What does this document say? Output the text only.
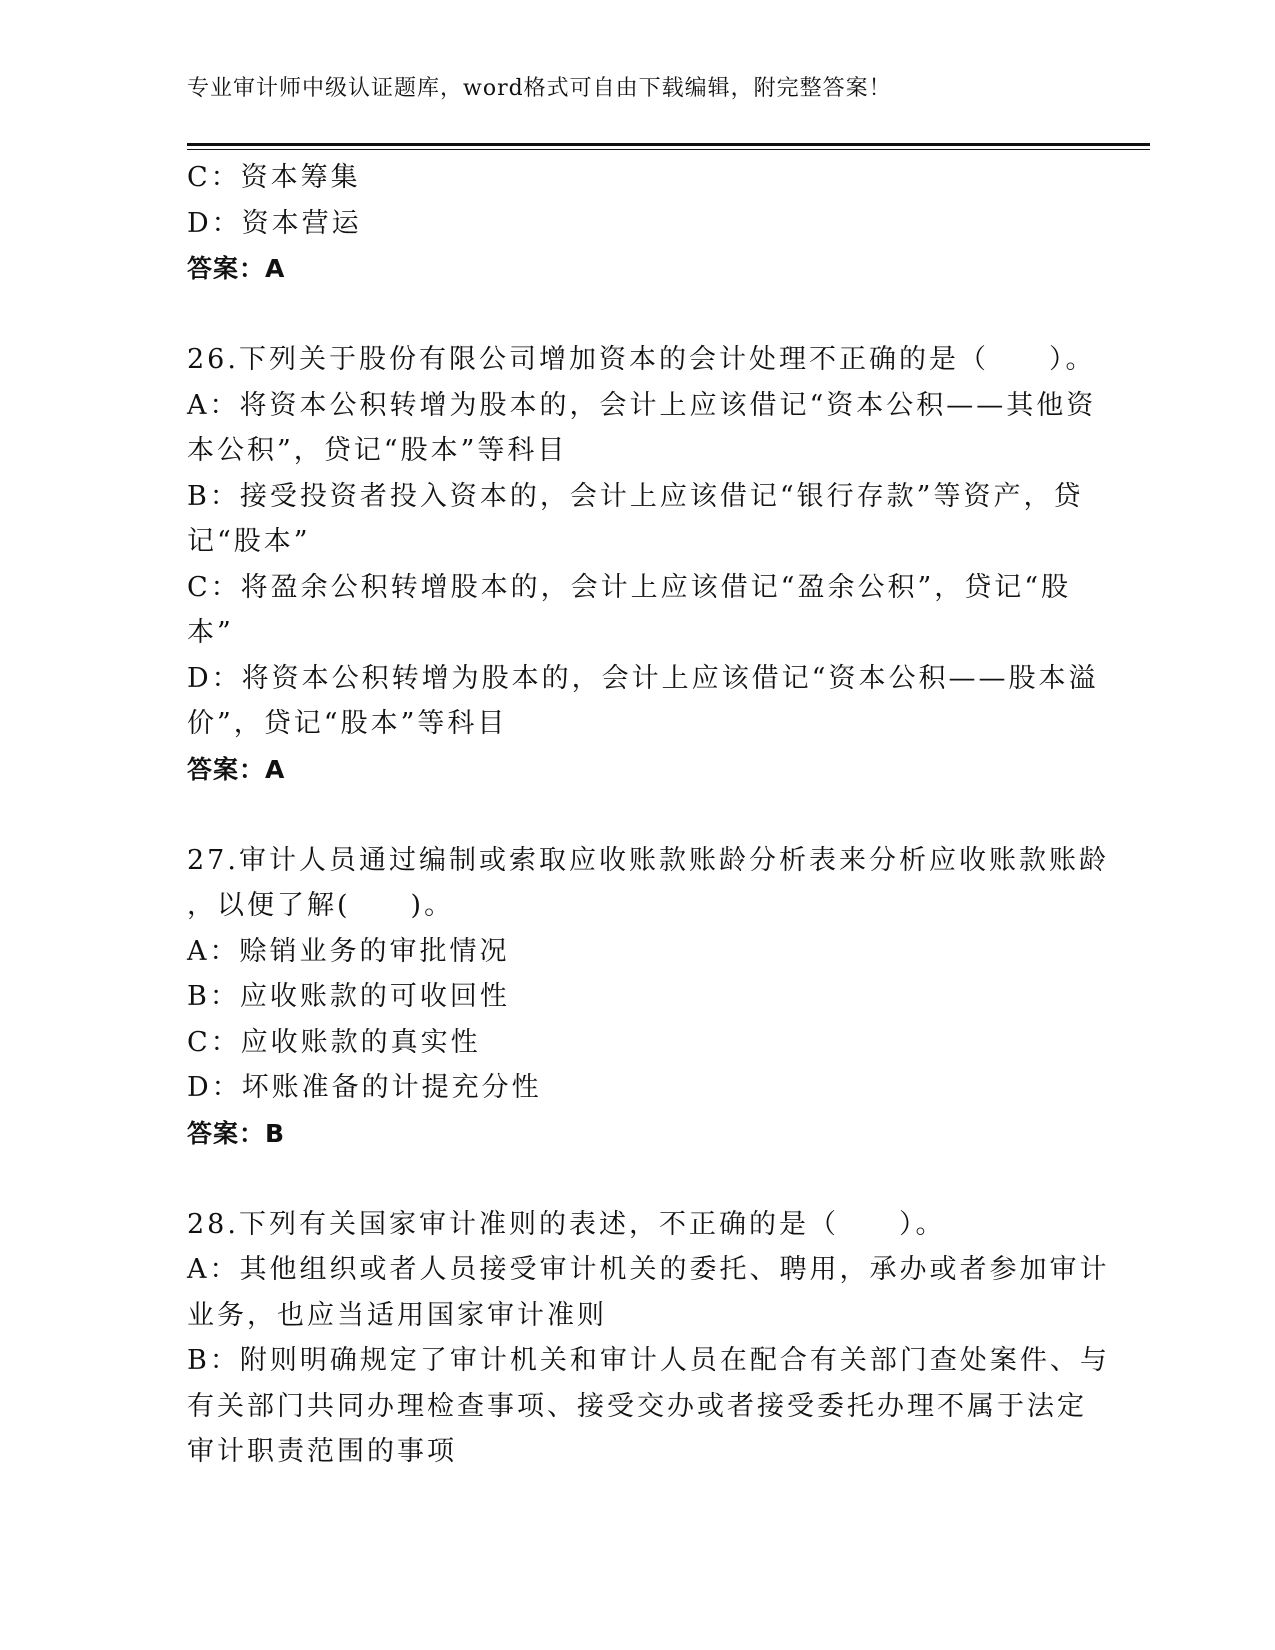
专业审计师中级认证题库，word格式可自由下载编辑，附完整答案！
C：资本筹集
D：资本营运
答案：A
26.下列关于股份有限公司增加资本的会计处理不正确的是（　　）。
A：将资本公积转增为股本的，会计上应该借记“资本公积——其他资
本公积”，贷记“股本”等科目
B：接受投资者投入资本的，会计上应该借记“银行存款”等资产，贷
记“股本”
C：将盈余公积转增股本的，会计上应该借记“盈余公积”，贷记“股
本”
D：将资本公积转增为股本的，会计上应该借记“资本公积——股本溢
价”，贷记“股本”等科目
答案：A
27.审计人员通过编制或索取应收账款账龄分析表来分析应收账款账龄
，以便了解(　　)。
A：赊销业务的审批情况
B：应收账款的可收回性
C：应收账款的真实性
D：坏账准备的计提充分性
答案：B
28.下列有关国家审计准则的表述，不正确的是（　　）。
A：其他组织或者人员接受审计机关的委托、聘用，承办或者参加审计
业务，也应当适用国家审计准则
B：附则明确规定了审计机关和审计人员在配合有关部门查处案件、与
有关部门共同办理检查事项、接受交办或者接受委托办理不属于法定
审计职责范围的事项
